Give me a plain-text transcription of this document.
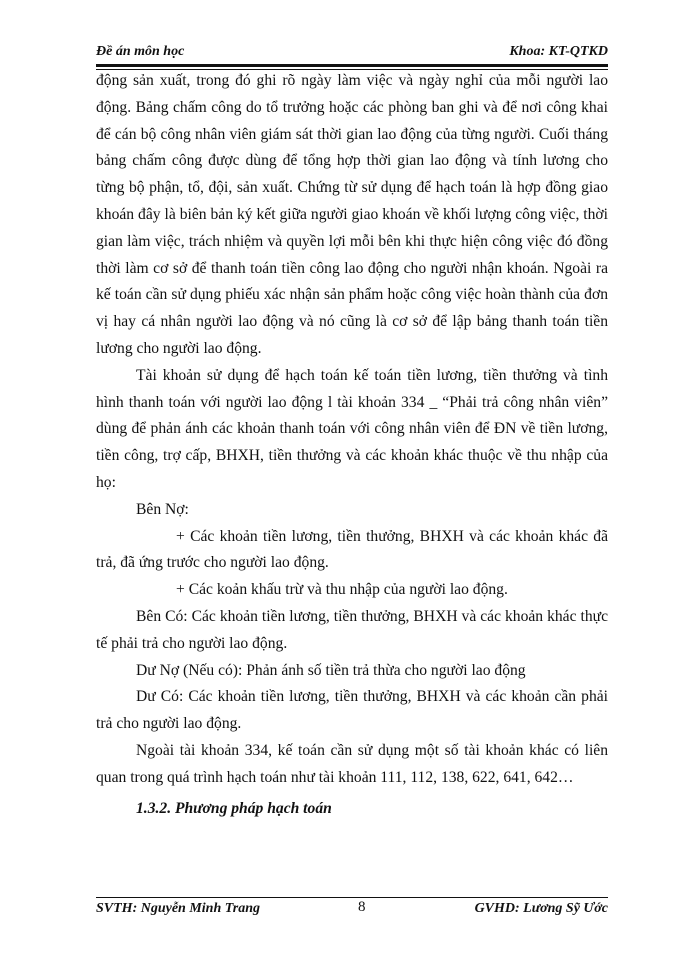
Đề án môn học	Khoa: KT-QTKD

động sản xuất, trong đó ghi rõ ngày làm việc và ngày nghỉ của mỗi người lao động. Bảng chấm công do tổ trưởng hoặc các phòng ban ghi và để nơi công khai để cán bộ công nhân viên giám sát thời gian lao động của từng người. Cuối tháng bảng chấm công được dùng để tổng hợp thời gian lao động và tính lương cho từng bộ phận, tổ, đội, sản xuất. Chứng từ sử dụng để hạch toán là hợp đồng giao khoán đây là biên bản ký kết giữa người giao khoán về khối lượng công việc, thời gian làm việc, trách nhiệm và quyền lợi mỗi bên khi thực hiện công việc đó đồng thời làm cơ sở để thanh toán tiền công lao động cho người nhận khoán. Ngoài ra kế toán cần sử dụng phiếu xác nhận sản phẩm hoặc công việc hoàn thành của đơn vị hay cá nhân người lao động và nó cũng là cơ sở để lập bảng thanh toán tiền lương cho người lao động.

Tài khoản sử dụng để hạch toán kế toán tiền lương, tiền thưởng và tình hình thanh toán với người lao động l tài khoản 334 _ “Phải trả công nhân viên” dùng để phản ánh các khoản thanh toán với công nhân viên để ĐN về tiền lương, tiền công, trợ cấp, BHXH, tiền thưởng và các khoản khác thuộc về thu nhập của họ:

Bên Nợ:

+ Các khoản tiền lương, tiền thưởng, BHXH và các khoản khác đã trả, đã ứng trước cho người lao động.

+ Các koản khấu trừ và thu nhập của người lao động.

Bên Có: Các khoản tiền lương, tiền thưởng, BHXH và các khoản khác thực tế phải trả cho người lao động.

Dư Nợ (Nếu có): Phản ánh số tiền trả thừa cho người lao động

Dư Có: Các khoản tiền lương, tiền thưởng, BHXH và các khoản cần phải trả cho người lao động.

Ngoài tài khoản 334, kế toán cần sử dụng một số tài khoản khác có liên quan trong quá trình hạch toán như tài khoản 111, 112, 138, 622, 641, 642…

1.3.2. Phương pháp hạch toán

SVTH: Nguyễn Minh Trang	8	GVHD: Lương Sỹ Ước
